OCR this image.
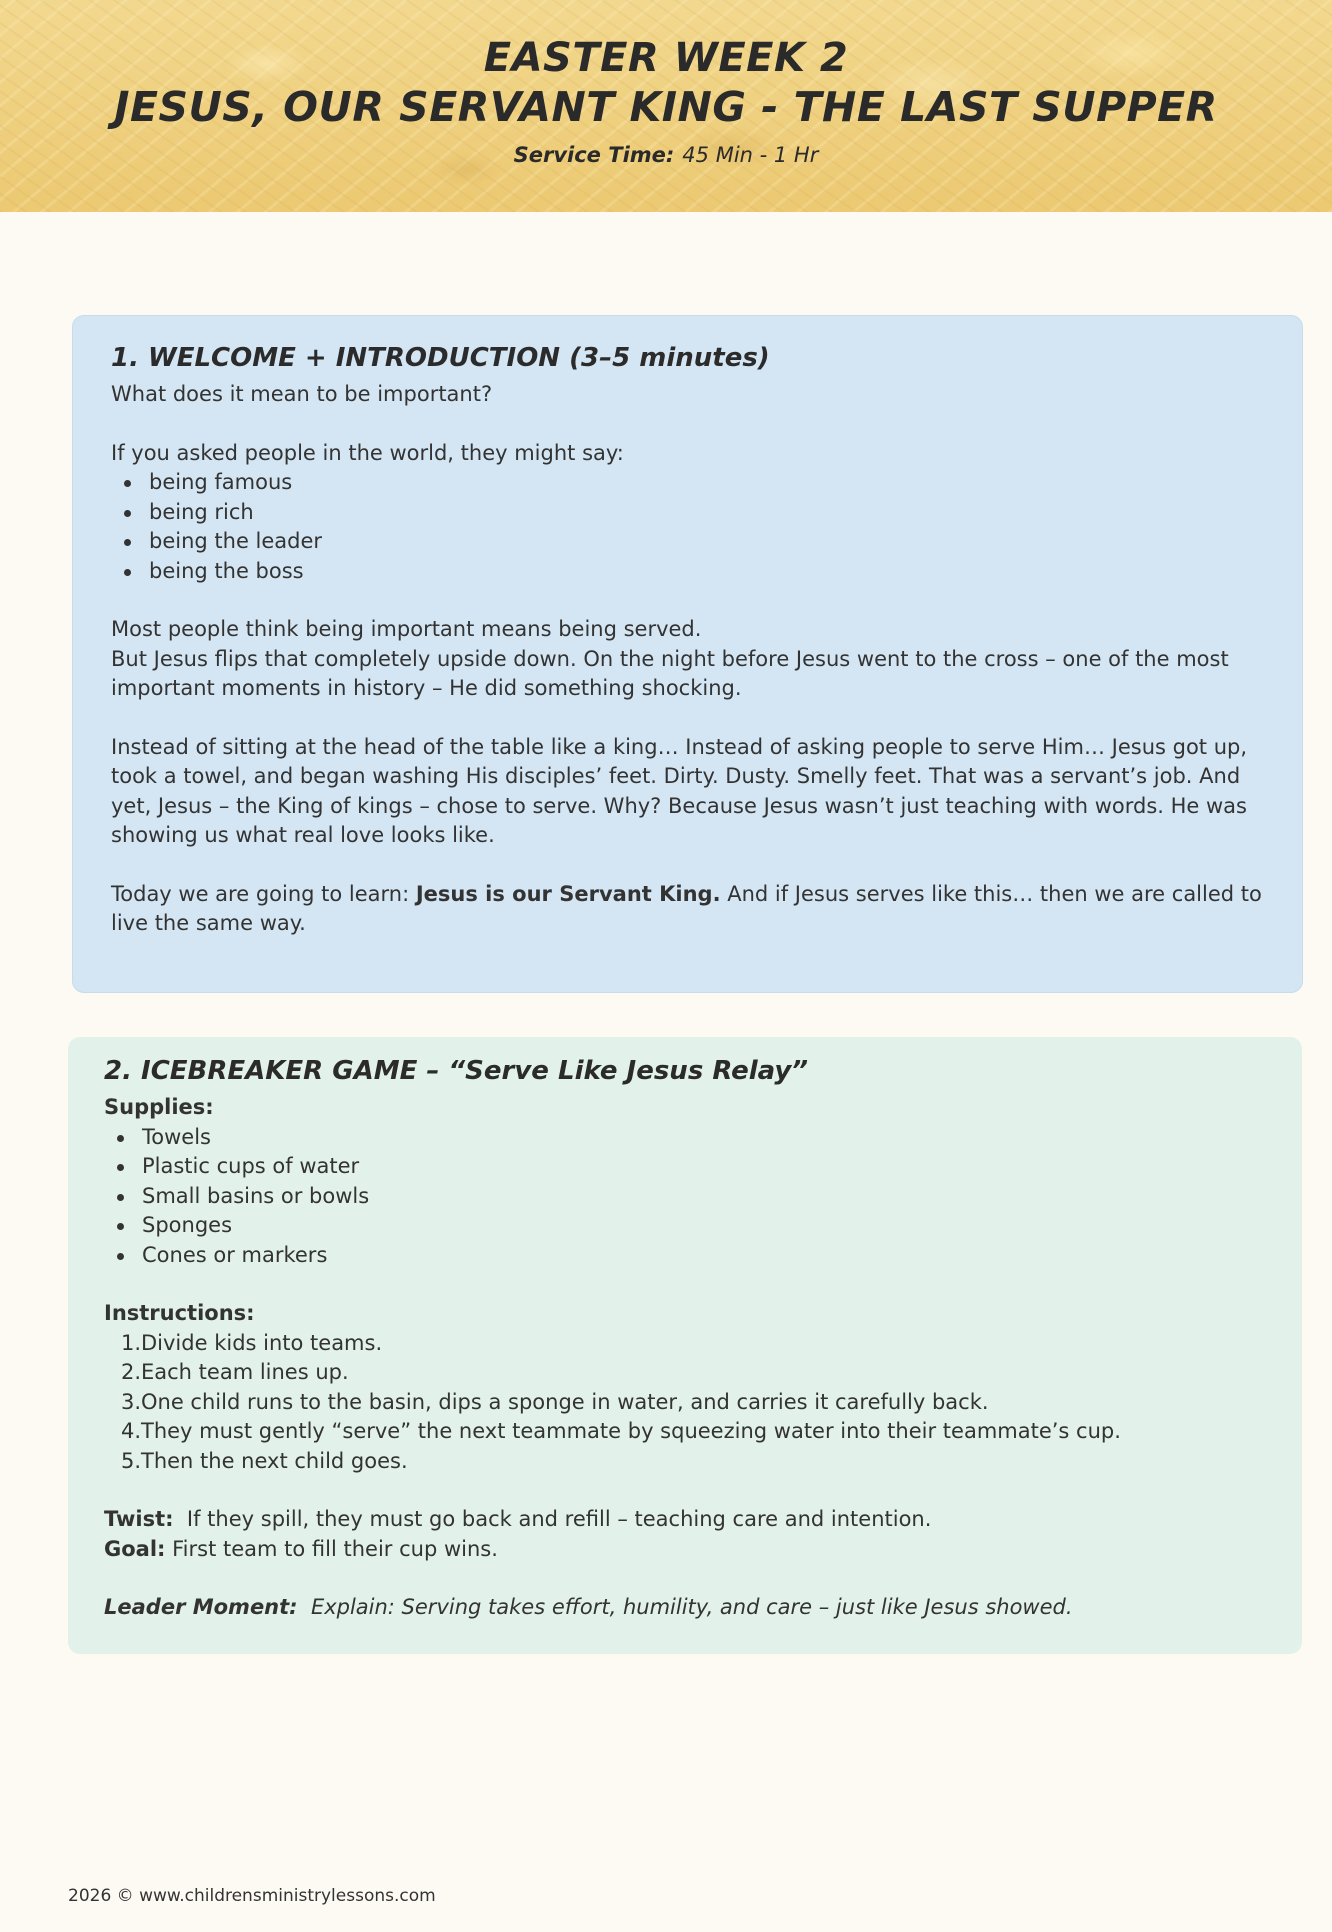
EASTER WEEK 2
JESUS, OUR SERVANT KING - THE LAST SUPPER
Service Time: 45 Min - 1 Hr
1. WELCOME + INTRODUCTION (3–5 minutes)

What does it mean to be important?

If you asked people in the world, they might say:

being famous
being rich
being the leader
being the boss

Most people think being important means being served.

But Jesus flips that completely upside down. On the night before Jesus went to the cross – one of the most important moments in history – He did something shocking.

Instead of sitting at the head of the table like a king… Instead of asking people to serve Him… Jesus got up, took a towel, and began washing His disciples’ feet. Dirty. Dusty. Smelly feet. That was a servant’s job. And yet, Jesus – the King of kings – chose to serve. Why? Because Jesus wasn’t just teaching with words. He was showing us what real love looks like.

Today we are going to learn: Jesus is our Servant King. And if Jesus serves like this… then we are called to live the same way.

2. ICEBREAKER GAME – “Serve Like Jesus Relay”

Supplies:

Towels
Plastic cups of water
Small basins or bowls
Sponges
Cones or markers

Instructions:

1. Divide kids into teams.
2. Each team lines up.
3. One child runs to the basin, dips a sponge in water, and carries it carefully back.
4. They must gently “serve” the next teammate by squeezing water into their teammate’s cup.
5. Then the next child goes.

Twist: If they spill, they must go back and refill – teaching care and intention.

Goal: First team to fill their cup wins.

Leader Moment: Explain: Serving takes effort, humility, and care – just like Jesus showed.

2026 © www.childrensministrylessons.com
